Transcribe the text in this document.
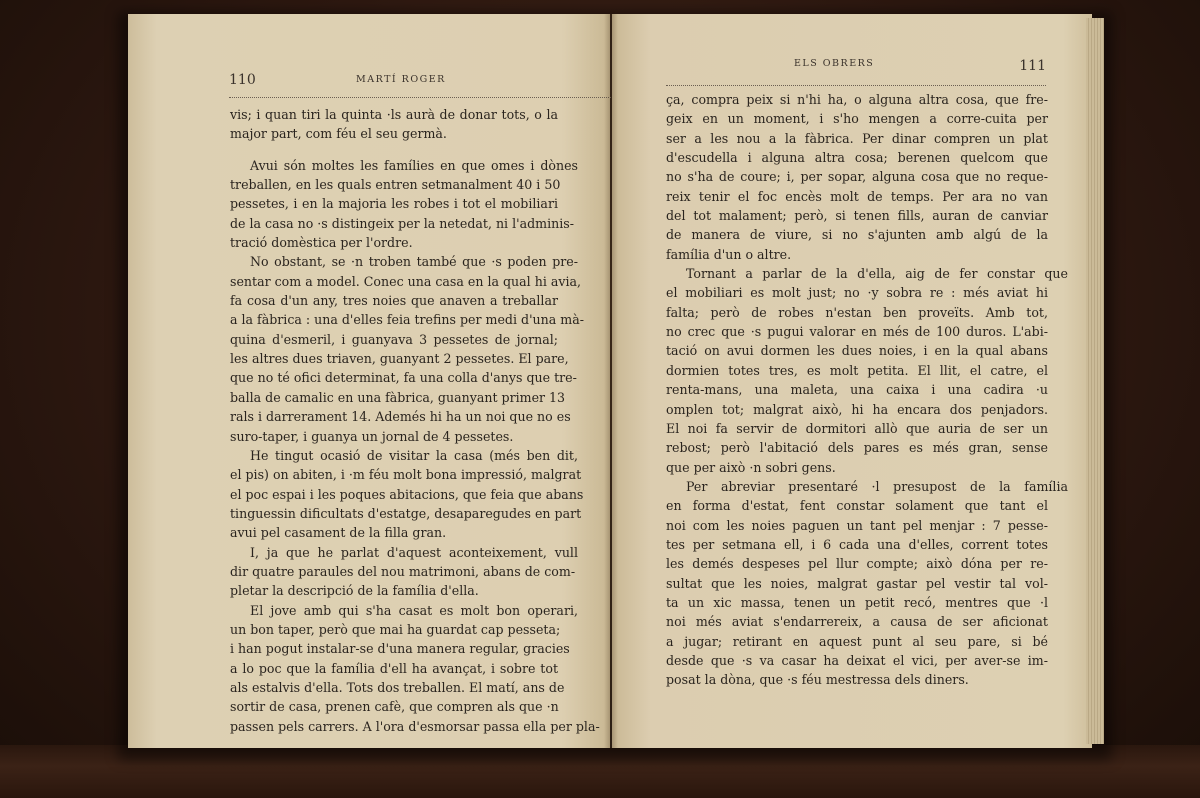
110	MARTÍ ROGER
vis; i quan tiri la quinta ·ls aurà de donar tots, o la
major part, com féu el seu germà.
Avui són moltes les famílies en que omes i dònes
treballen, en les quals entren setmanalment 40 i 50
pessetes, i en la majoria les robes i tot el mobiliari
de la casa no ·s distingeix per la netedat, ni l'adminis-
tració domèstica per l'ordre.
No obstant, se ·n troben també que ·s poden pre-
sentar com a model. Conec una casa en la qual hi avia,
fa cosa d'un any, tres noies que anaven a treballar
a la fàbrica : una d'elles feia trefins per medi d'una mà-
quina d'esmeril, i guanyava 3 pessetes de jornal;
les altres dues triaven, guanyant 2 pessetes. El pare,
que no té ofici determinat, fa una colla d'anys que tre-
balla de camalic en una fàbrica, guanyant primer 13
rals i darrerament 14. Ademés hi ha un noi que no es
suro-taper, i guanya un jornal de 4 pessetes.
He tingut ocasió de visitar la casa (més ben dit,
el pis) on abiten, i ·m féu molt bona impressió, malgrat
el poc espai i les poques abitacions, que feia que abans
tinguessin dificultats d'estatge, desaparegudes en part
avui pel casament de la filla gran.
I, ja que he parlat d'aquest aconteixement, vull
dir quatre paraules del nou matrimoni, abans de com-
pletar la descripció de la família d'ella.
El jove amb qui s'ha casat es molt bon operari,
un bon taper, però que mai ha guardat cap pesseta;
i han pogut instalar-se d'una manera regular, gracies
a lo poc que la família d'ell ha avançat, i sobre tot
als estalvis d'ella. Tots dos treballen. El matí, ans de
sortir de casa, prenen cafè, que compren als que ·n
passen pels carrers. A l'ora d'esmorsar passa ella per pla-
ELS OBRERS	111
ça, compra peix si n'hi ha, o alguna altra cosa, que fre-
geix en un moment, i s'ho mengen a corre-cuita per
ser a les nou a la fàbrica. Per dinar compren un plat
d'escudella i alguna altra cosa; berenen quelcom que
no s'ha de coure; i, per sopar, alguna cosa que no reque-
reix tenir el foc encès molt de temps. Per ara no van
del tot malament; però, si tenen fills, auran de canviar
de manera de viure, si no s'ajunten amb algú de la
família d'un o altre.
Tornant a parlar de la d'ella, aig de fer constar que
el mobiliari es molt just; no ·y sobra re : més aviat hi
falta; però de robes n'estan ben proveïts. Amb tot,
no crec que ·s pugui valorar en més de 100 duros. L'abi-
tació on avui dormen les dues noies, i en la qual abans
dormien totes tres, es molt petita. El llit, el catre, el
renta-mans, una maleta, una caixa i una cadira ·u
omplen tot; malgrat això, hi ha encara dos penjadors.
El noi fa servir de dormitori allò que auria de ser un
rebost; però l'abitació dels pares es més gran, sense
que per això ·n sobri gens.
Per abreviar presentaré ·l presupost de la família
en forma d'estat, fent constar solament que tant el
noi com les noies paguen un tant pel menjar : 7 pesse-
tes per setmana ell, i 6 cada una d'elles, corrent totes
les demés despeses pel llur compte; això dóna per re-
sultat que les noies, malgrat gastar pel vestir tal vol-
ta un xic massa, tenen un petit recó, mentres que ·l
noi més aviat s'endarrereix, a causa de ser aficionat
a jugar; retirant en aquest punt al seu pare, si bé
desde que ·s va casar ha deixat el vici, per aver-se im-
posat la dòna, que ·s féu mestressa dels diners.
